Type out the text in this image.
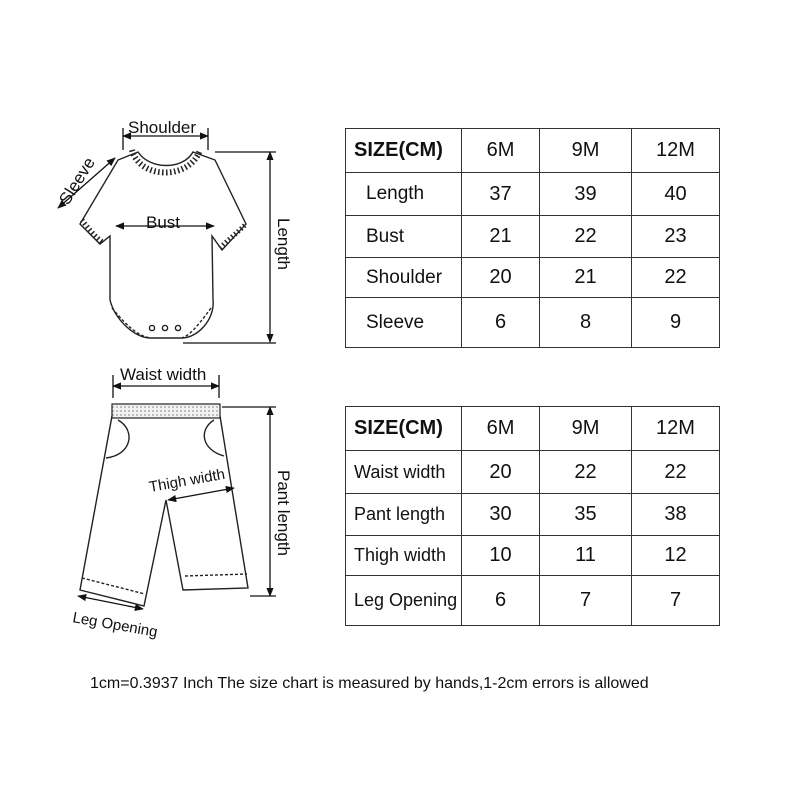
Shoulder
Sleeve
Bust	Length
Waist width
Thigh width	Pant length
Leg Opening
SIZE(CM)	6M	9M	12M
Length	37	39	40
Bust	21	22	23
Shoulder	20	21	22
Sleeve	6	8	9
SIZE(CM)	6M	9M	12M
Waist width	20	22	22
Pant length	30	35	38
Thigh width	10	11	12
Leg Opening	6	7	7
1cm=0.3937 Inch The size chart is measured by hands,1-2cm errors is allowed
